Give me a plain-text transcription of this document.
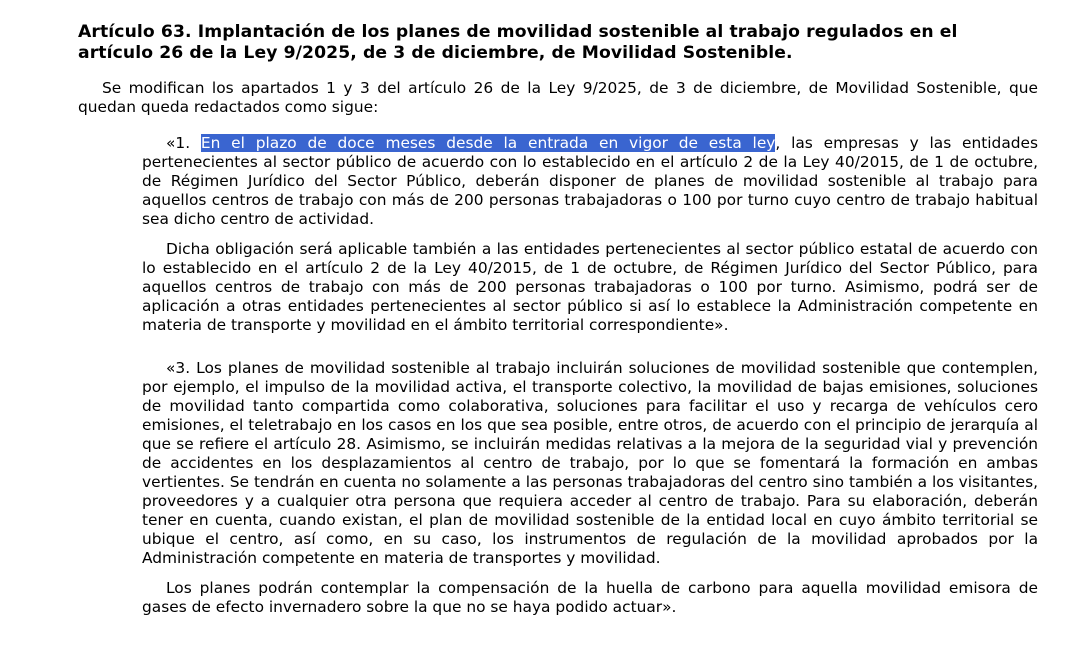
Artículo 63. Implantación de los planes de movilidad sostenible al trabajo regulados en el artículo 26 de la Ley 9/2025, de 3 de diciembre, de Movilidad Sostenible.

Se modifican los apartados 1 y 3 del artículo 26 de la Ley 9/2025, de 3 de diciembre, de Movilidad Sostenible, que quedan queda redactados como sigue:

«1. En el plazo de doce meses desde la entrada en vigor de esta ley, las empresas y las entidades pertenecientes al sector público de acuerdo con lo establecido en el artículo 2 de la Ley 40/2015, de 1 de octubre, de Régimen Jurídico del Sector Público, deberán disponer de planes de movilidad sostenible al trabajo para aquellos centros de trabajo con más de 200 personas trabajadoras o 100 por turno cuyo centro de trabajo habitual sea dicho centro de actividad.

Dicha obligación será aplicable también a las entidades pertenecientes al sector público estatal de acuerdo con lo establecido en el artículo 2 de la Ley 40/2015, de 1 de octubre, de Régimen Jurídico del Sector Público, para aquellos centros de trabajo con más de 200 personas trabajadoras o 100 por turno. Asimismo, podrá ser de aplicación a otras entidades pertenecientes al sector público si así lo establece la Administración competente en materia de transporte y movilidad en el ámbito territorial correspondiente».

«3. Los planes de movilidad sostenible al trabajo incluirán soluciones de movilidad sostenible que contemplen, por ejemplo, el impulso de la movilidad activa, el transporte colectivo, la movilidad de bajas emisiones, soluciones de movilidad tanto compartida como colaborativa, soluciones para facilitar el uso y recarga de vehículos cero emisiones, el teletrabajo en los casos en los que sea posible, entre otros, de acuerdo con el principio de jerarquía al que se refiere el artículo 28. Asimismo, se incluirán medidas relativas a la mejora de la seguridad vial y prevención de accidentes en los desplazamientos al centro de trabajo, por lo que se fomentará la formación en ambas vertientes. Se tendrán en cuenta no solamente a las personas trabajadoras del centro sino también a los visitantes, proveedores y a cualquier otra persona que requiera acceder al centro de trabajo. Para su elaboración, deberán tener en cuenta, cuando existan, el plan de movilidad sostenible de la entidad local en cuyo ámbito territorial se ubique el centro, así como, en su caso, los instrumentos de regulación de la movilidad aprobados por la Administración competente en materia de transportes y movilidad.

Los planes podrán contemplar la compensación de la huella de carbono para aquella movilidad emisora de gases de efecto invernadero sobre la que no se haya podido actuar».
